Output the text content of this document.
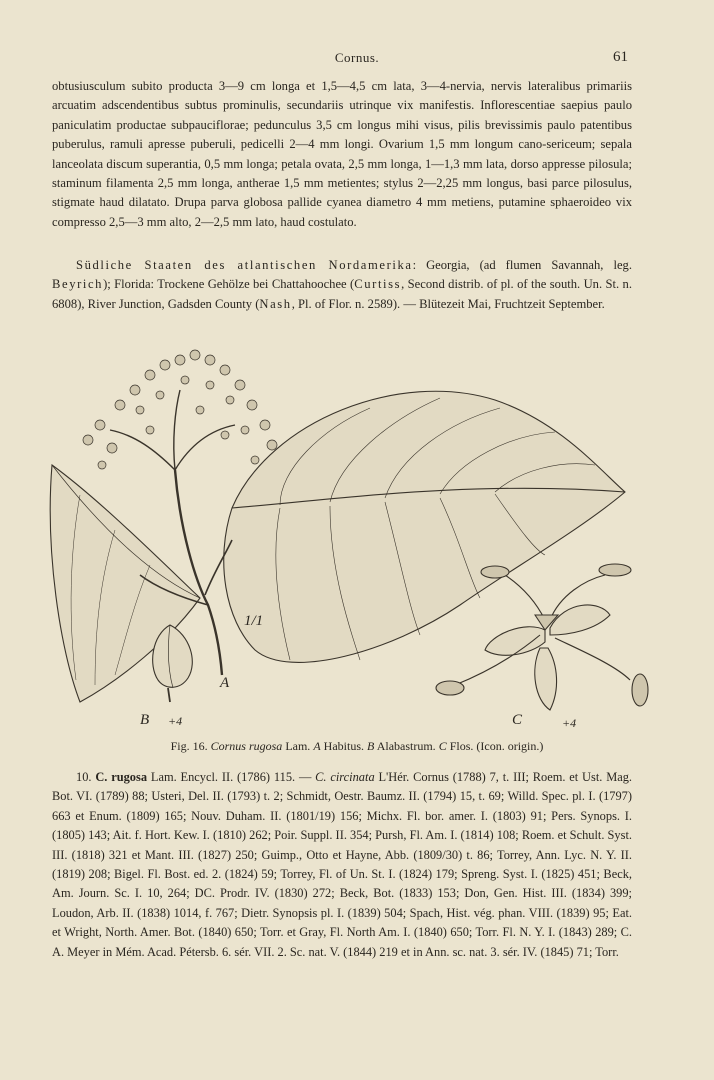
Cornus.	61

obtusiusculum subito producta 3—9 cm longa et 1,5—4,5 cm lata, 3—4-nervia, nervis lateralibus primariis arcuatim adscendentibus subtus prominulis, secundariis utrinque vix manifestis. Inflorescentiae saepius paulo paniculatim productae subpauciflorae; pedunculus 3,5 cm longus mihi visus, pilis brevissimis paulo patentibus puberulus, ramuli apresse puberuli, pedicelli 2—4 mm longi. Ovarium 1,5 mm longum cano-sericeum; sepala lanceolata discum superantia, 0,5 mm longa; petala ovata, 2,5 mm longa, 1—1,3 mm lata, dorso appresse pilosula; staminum filamenta 2,5 mm longa, antherae 1,5 mm metientes; stylus 2—2,25 mm longus, basi parce pilosulus, stigmate haud dilatato. Drupa parva globosa pallide cyanea diametro 4 mm metiens, putamine sphaeroideo vix compresso 2,5—3 mm alto, 2—2,5 mm lato, haud costulato.

Südliche Staaten des atlantischen Nordamerika: Georgia, (ad flumen Savannah, leg. Beyrich); Florida: Trockene Gehölze bei Chattahoochee (Curtiss, Second distrib. of pl. of the south. Un. St. n. 6808), River Junction, Gadsden County (Nash, Pl. of Flor. n. 2589). — Blütezeit Mai, Fruchtzeit September.

1/1
A
B +4	C	+4
Fig. 16. Cornus rugosa Lam. A Habitus. B Alabastrum. C Flos. (Icon. origin.)

10. C. rugosa Lam. Encycl. II. (1786) 115. — C. circinata L'Hér. Cornus (1788) 7, t. III; Roem. et Ust. Mag. Bot. VI. (1789) 88; Usteri, Del. II. (1793) t. 2; Schmidt, Oestr. Baumz. II. (1794) 15, t. 69; Willd. Spec. pl. I. (1797) 663 et Enum. (1809) 165; Nouv. Duham. II. (1801/19) 156; Michx. Fl. bor. amer. I. (1803) 91; Pers. Synops. I. (1805) 143; Ait. f. Hort. Kew. I. (1810) 262; Poir. Suppl. II. 354; Pursh, Fl. Am. I. (1814) 108; Roem. et Schult. Syst. III. (1818) 321 et Mant. III. (1827) 250; Guimp., Otto et Hayne, Abb. (1809/30) t. 86; Torrey, Ann. Lyc. N. Y. II. (1819) 208; Bigel. Fl. Bost. ed. 2. (1824) 59; Torrey, Fl. of Un. St. I. (1824) 179; Spreng. Syst. I. (1825) 451; Beck, Am. Journ. Sc. I. 10, 264; DC. Prodr. IV. (1830) 272; Beck, Bot. (1833) 153; Don, Gen. Hist. III. (1834) 399; Loudon, Arb. II. (1838) 1014, f. 767; Dietr. Synopsis pl. I. (1839) 504; Spach, Hist. vég. phan. VIII. (1839) 95; Eat. et Wright, North. Amer. Bot. (1840) 650; Torr. et Gray, Fl. North Am. I. (1840) 650; Torr. Fl. N. Y. I. (1843) 289; C. A. Meyer in Mém. Acad. Pétersb. 6. sér. VII. 2. Sc. nat. V. (1844) 219 et in Ann. sc. nat. 3. sér. IV. (1845) 71; Torr.
